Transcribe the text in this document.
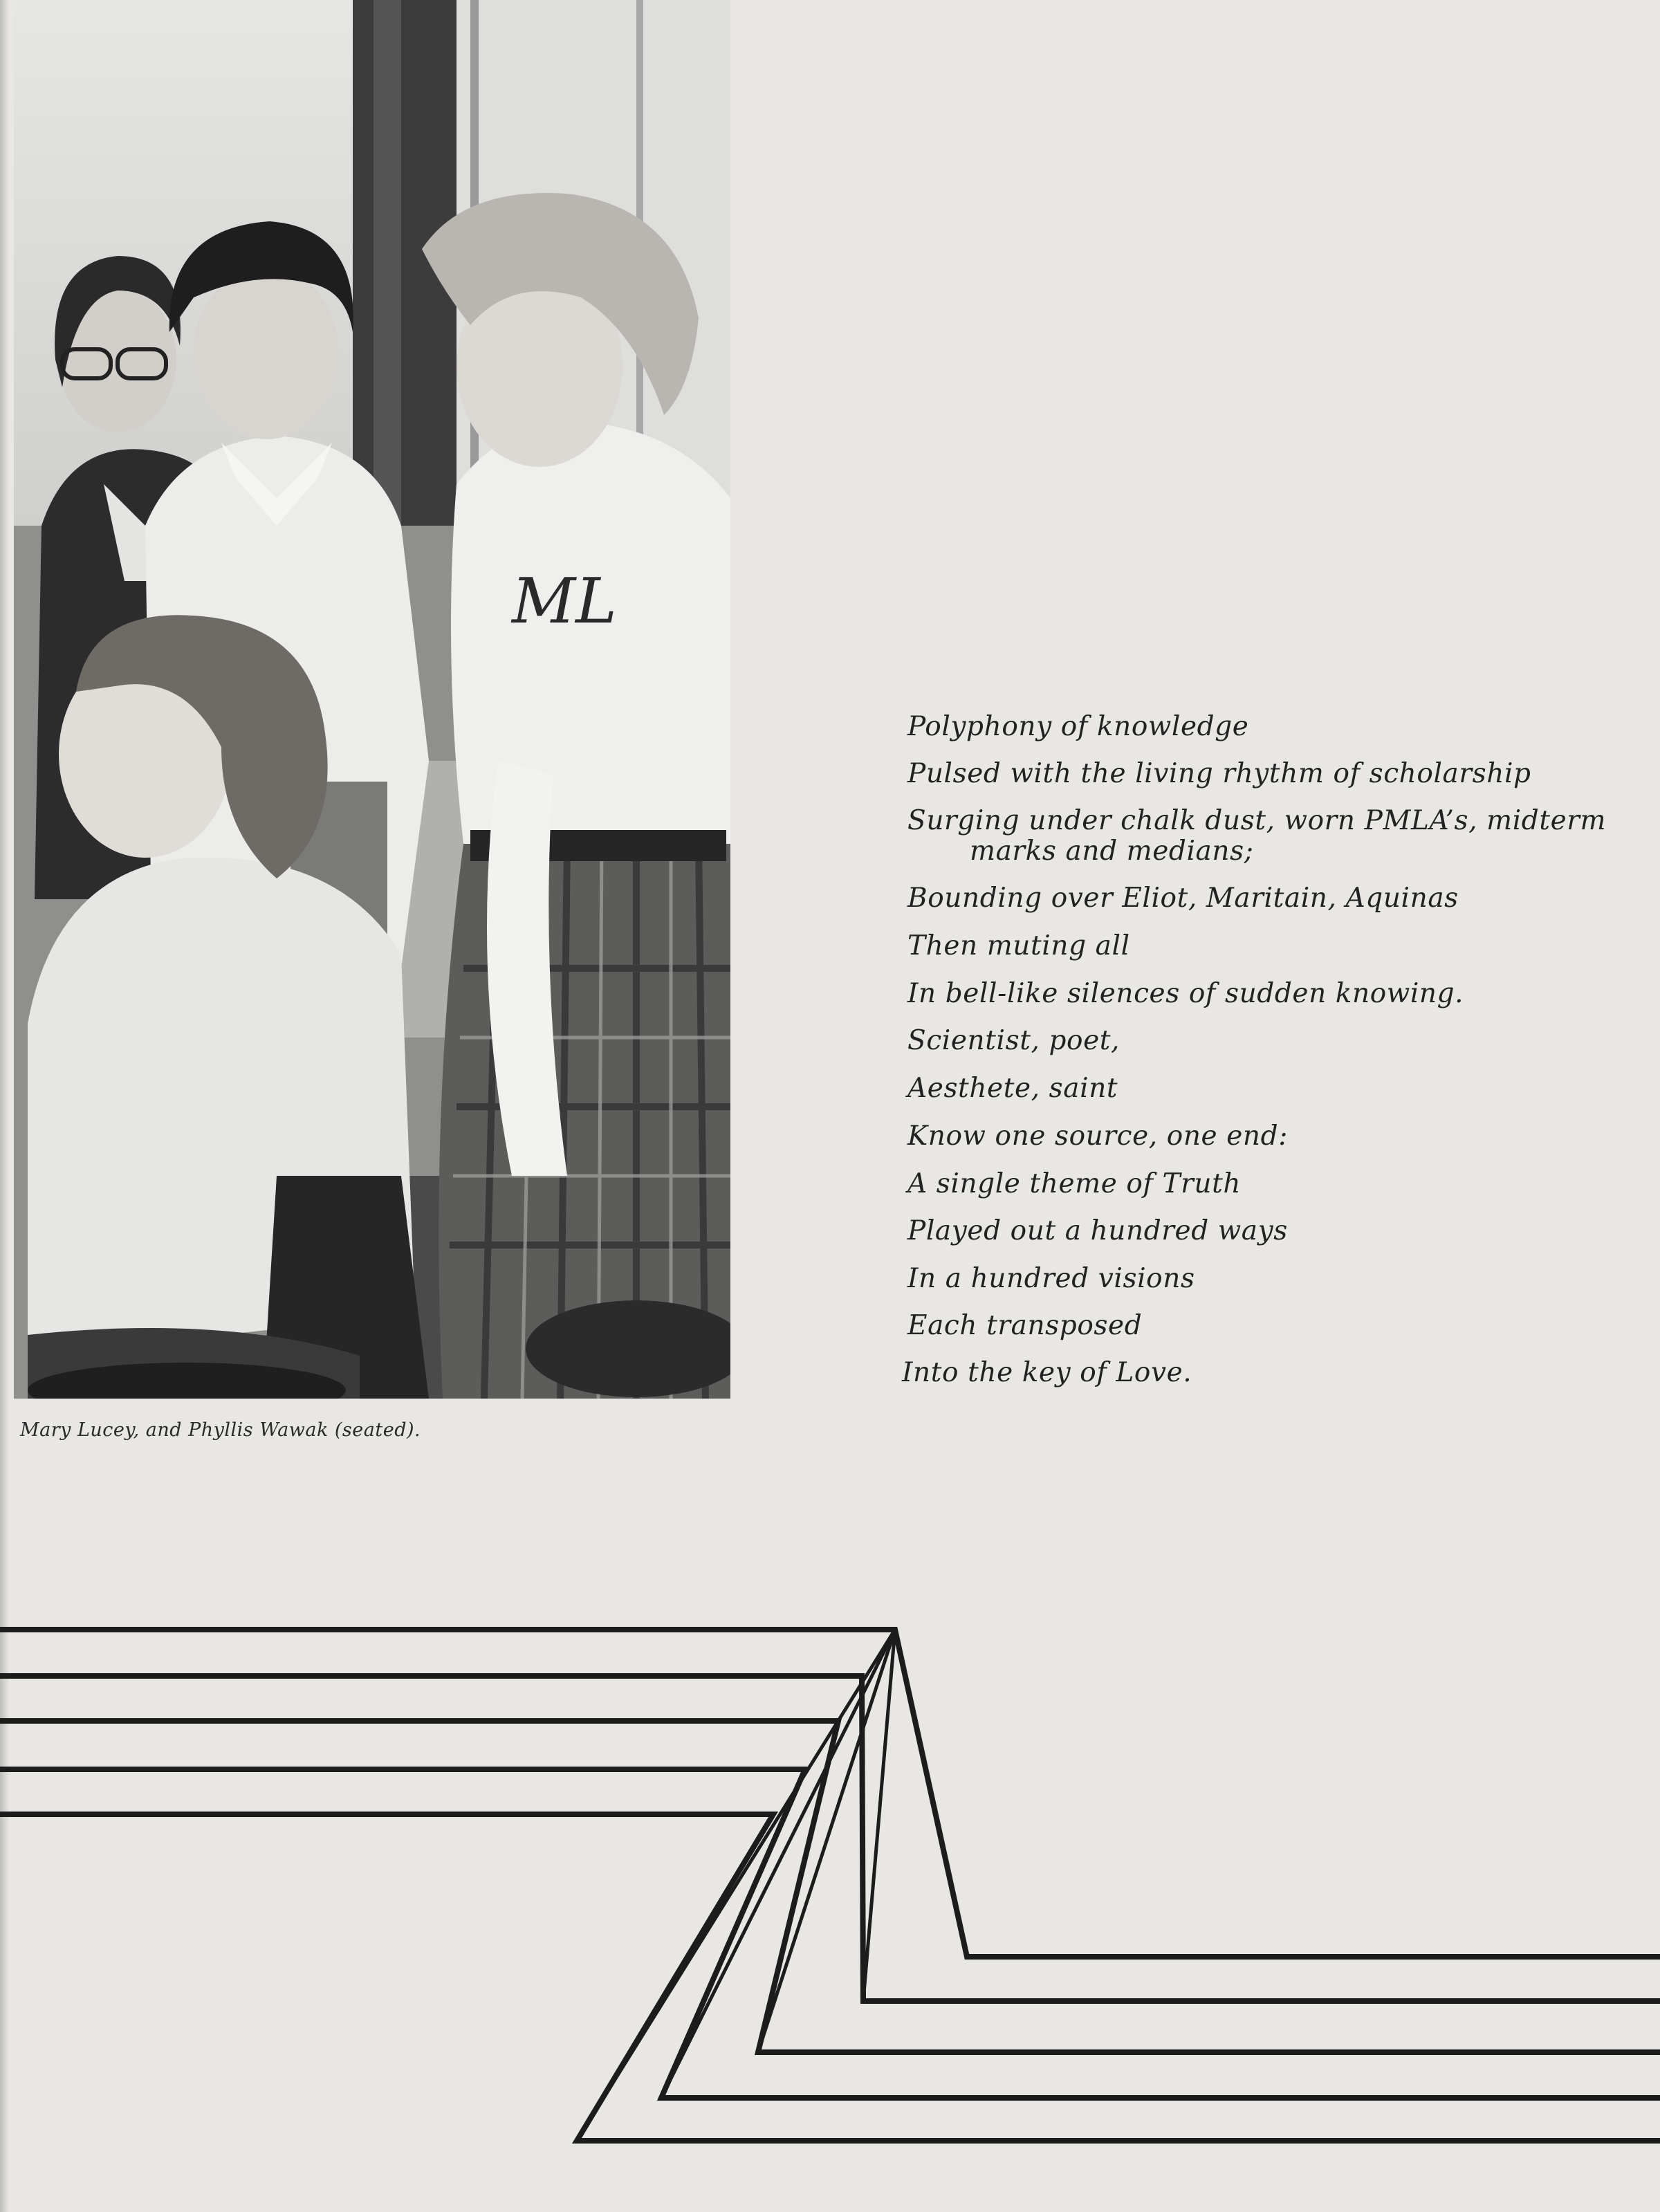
ML
Mary Lucey, and Phyllis Wawak (seated).
Polyphony of knowledge
Pulsed with the living rhythm of scholarship
Surging under chalk dust, worn PMLA’s, midterm
marks and medians;
Bounding over Eliot, Maritain, Aquinas
Then muting all
In bell-like silences of sudden knowing.
Scientist, poet,
Aesthete, saint
Know one source, one end:
A single theme of Truth
Played out a hundred ways
In a hundred visions
Each transposed
Into the key of Love.
